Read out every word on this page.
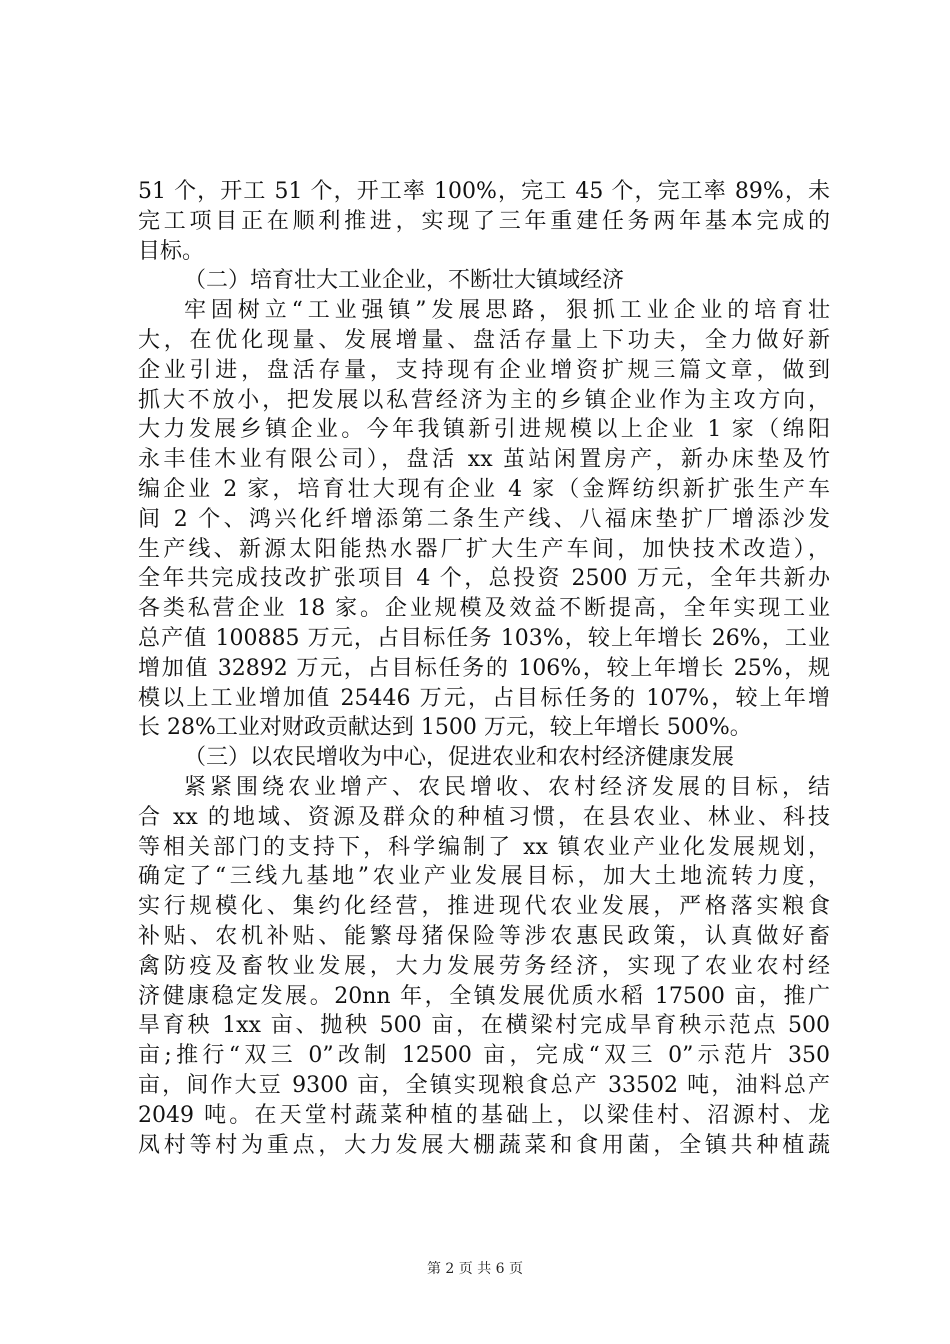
51 个，开工 51 个，开工率 100%，完工 45 个，完工率 89%，未
完工项目正在顺利推进，实现了三年重建任务两年基本完成的
目标。
（二）培育壮大工业企业，不断壮大镇域经济
牢固树立“工业强镇”发展思路，狠抓工业企业的培育壮
大，在优化现量、发展增量、盘活存量上下功夫，全力做好新
企业引进，盘活存量，支持现有企业增资扩规三篇文章，做到
抓大不放小，把发展以私营经济为主的乡镇企业作为主攻方向，
大力发展乡镇企业。今年我镇新引进规模以上企业 1 家（绵阳
永丰佳木业有限公司），盘活 xx 茧站闲置房产，新办床垫及竹
编企业 2 家，培育壮大现有企业 4 家（金辉纺织新扩张生产车
间 2 个、鸿兴化纤增添第二条生产线、八福床垫扩厂增添沙发
生产线、新源太阳能热水器厂扩大生产车间，加快技术改造），
全年共完成技改扩张项目 4 个，总投资 2500 万元，全年共新办
各类私营企业 18 家。企业规模及效益不断提高，全年实现工业
总产值 100885 万元，占目标任务 103%，较上年增长 26%，工业
增加值 32892 万元，占目标任务的 106%，较上年增长 25%，规
模以上工业增加值 25446 万元，占目标任务的 107%，较上年增
长 28%工业对财政贡献达到 1500 万元，较上年增长 500%。
（三）以农民增收为中心，促进农业和农村经济健康发展
紧紧围绕农业增产、农民增收、农村经济发展的目标，结
合 xx 的地域、资源及群众的种植习惯，在县农业、林业、科技
等相关部门的支持下，科学编制了 xx 镇农业产业化发展规划，
确定了“三线九基地”农业产业发展目标，加大土地流转力度，
实行规模化、集约化经营，推进现代农业发展，严格落实粮食
补贴、农机补贴、能繁母猪保险等涉农惠民政策，认真做好畜
禽防疫及畜牧业发展，大力发展劳务经济，实现了农业农村经
济健康稳定发展。20nn 年，全镇发展优质水稻 17500 亩，推广
旱育秧 1xx 亩、抛秧 500 亩，在横梁村完成旱育秧示范点 500
亩;推行“双三 0”改制 12500 亩，完成“双三 0”示范片 350
亩，间作大豆 9300 亩，全镇实现粮食总产 33502 吨，油料总产
2049 吨。在天堂村蔬菜种植的基础上，以梁佳村、沼源村、龙
凤村等村为重点，大力发展大棚蔬菜和食用菌，全镇共种植蔬
第 2 页 共 6 页
